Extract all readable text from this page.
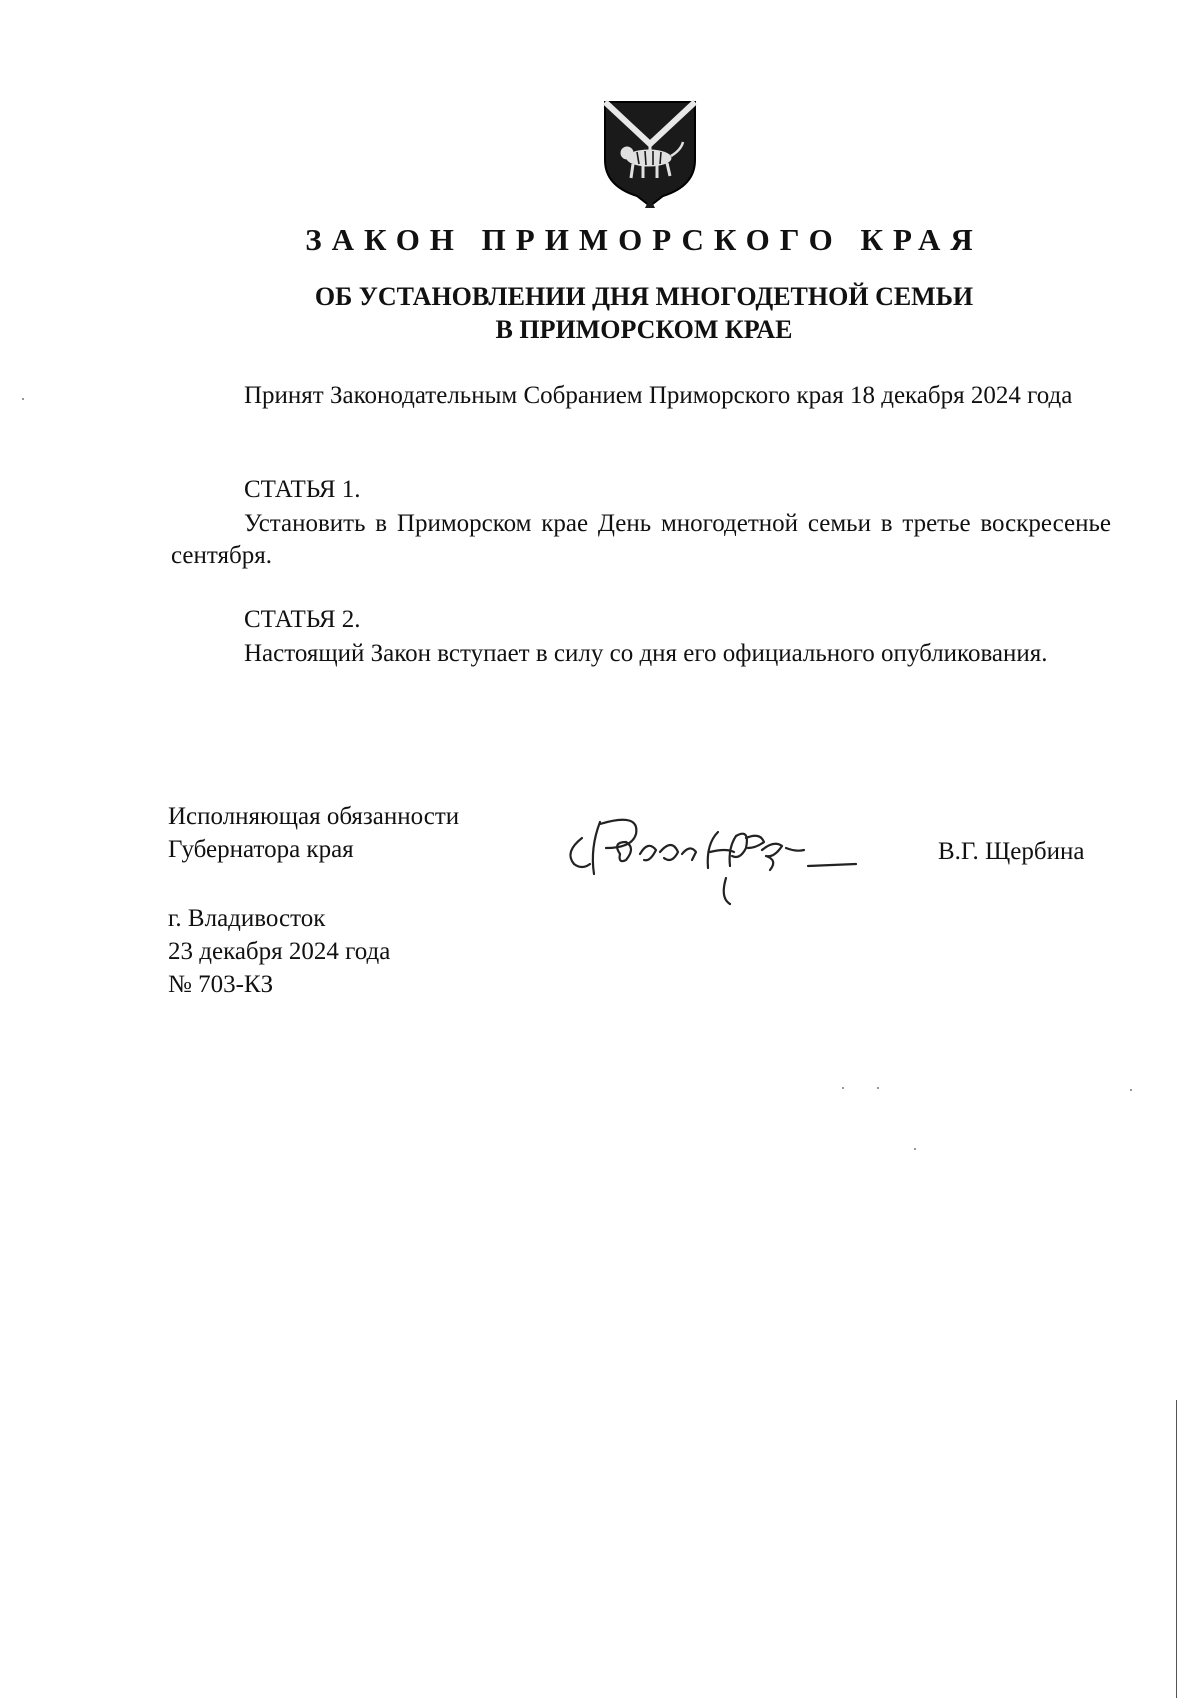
ЗАКОН ПРИМОРСКОГО КРАЯ
ОБ УСТАНОВЛЕНИИ ДНЯ МНОГОДЕТНОЙ СЕМЬИ
В ПРИМОРСКОМ КРАЕ
Принят Законодательным Собранием Приморского края 18 декабря 2024 года
СТАТЬЯ 1.
Установить в Приморском крае День многодетной семьи в третье воскресенье сентября.
СТАТЬЯ 2.
Настоящий Закон вступает в силу со дня его официального опубликования.
Исполняющая обязанности
Губернатора края	В.Г. Щербина
г. Владивосток
23 декабря 2024 года
№ 703-КЗ
